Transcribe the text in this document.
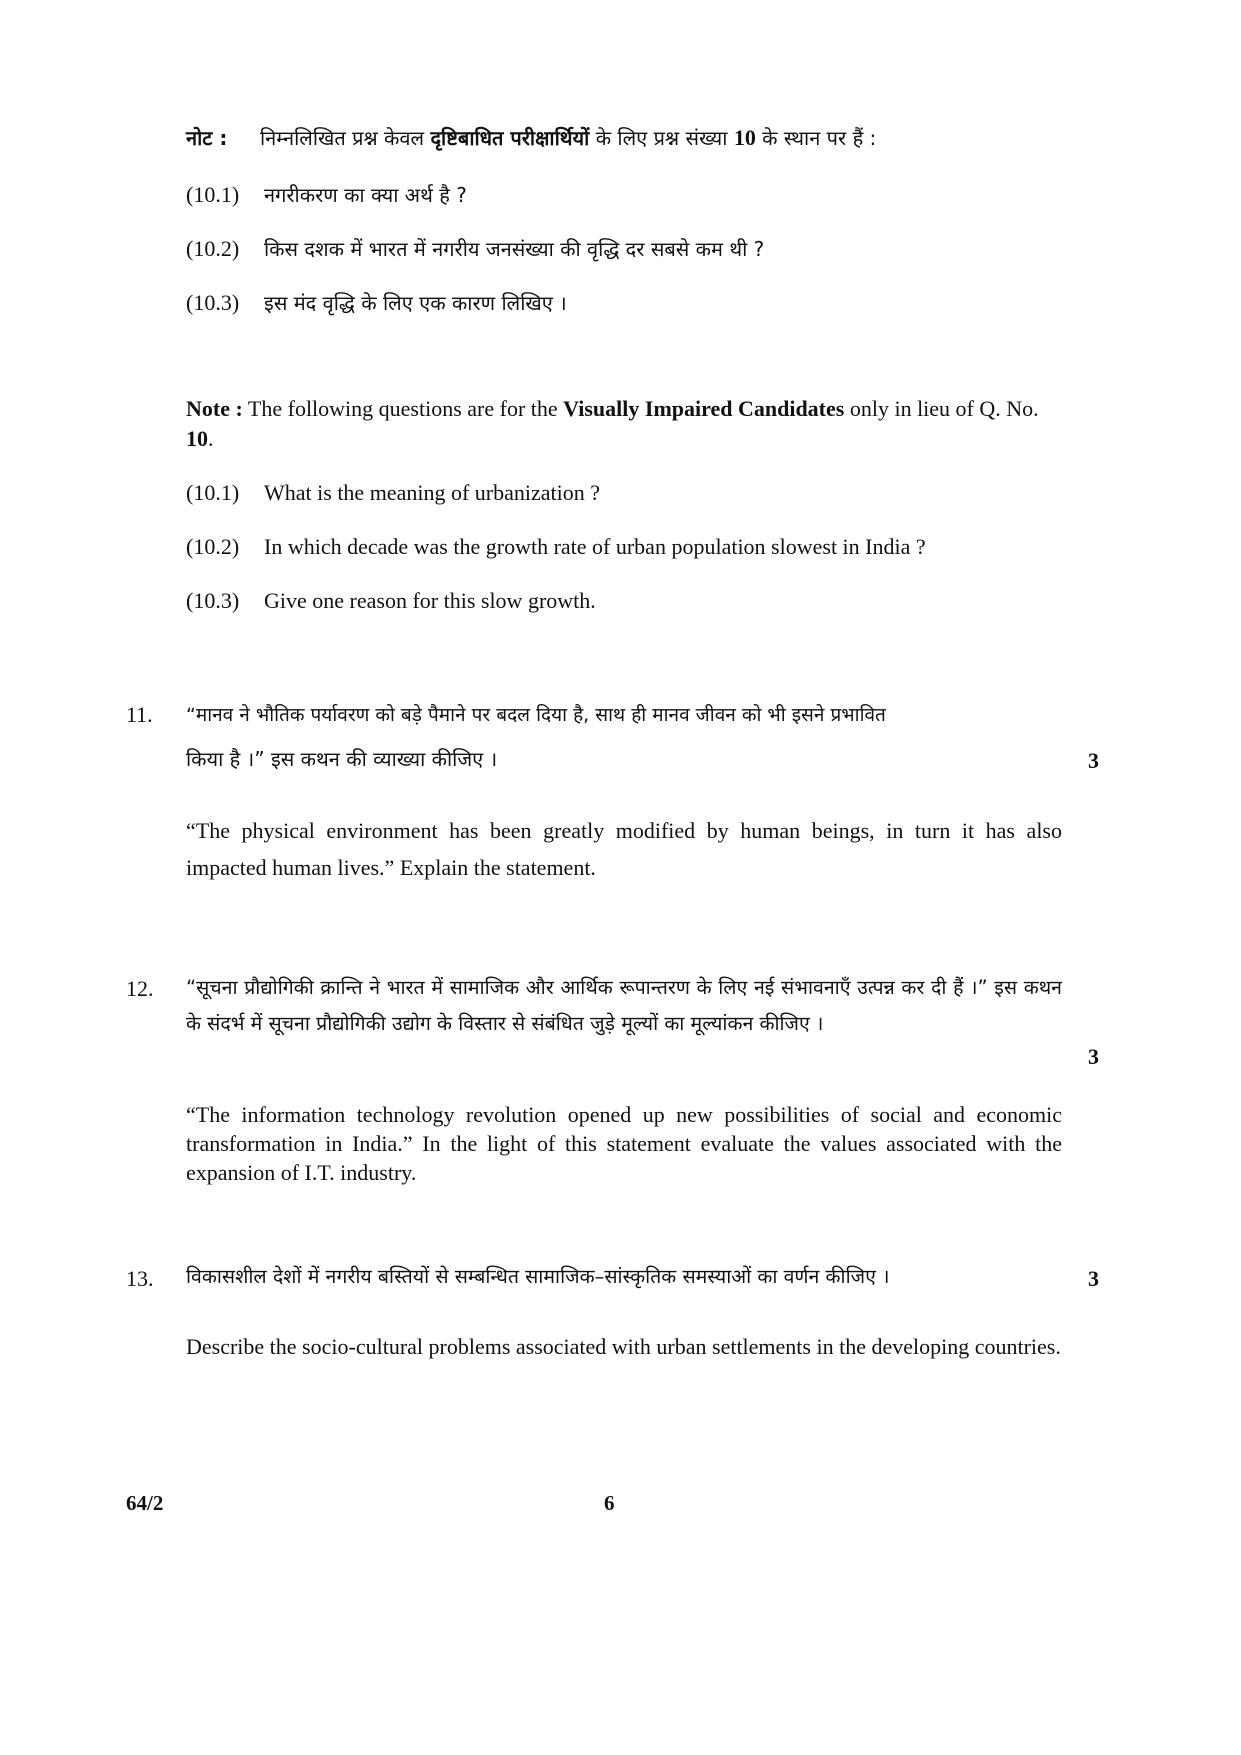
नोट : निम्नलिखित प्रश्न केवल दृष्टिबाधित परीक्षार्थियों के लिए प्रश्न संख्या 10 के स्थान पर हैं :
(10.1) नगरीकरण का क्या अर्थ है ?
(10.2) किस दशक में भारत में नगरीय जनसंख्या की वृद्धि दर सबसे कम थी ?
(10.3) इस मंद वृद्धि के लिए एक कारण लिखिए ।
Note : The following questions are for the Visually Impaired Candidates only in lieu of Q. No. 10.
(10.1) What is the meaning of urbanization ?
(10.2) In which decade was the growth rate of urban population slowest in India ?
(10.3) Give one reason for this slow growth.
11. “मानव ने भौतिक पर्यावरण को बड़े पैमाने पर बदल दिया है, साथ ही मानव जीवन को भी इसने प्रभावित
किया है ।” इस कथन की व्याख्या कीजिए ।	3
“The physical environment has been greatly modified by human beings, in turn it has also impacted human lives.” Explain the statement.
12. “सूचना प्रौद्योगिकी क्रान्ति ने भारत में सामाजिक और आर्थिक रूपान्तरण के लिए नई संभावनाएँ उत्पन्न कर दी हैं ।” इस कथन के संदर्भ में सूचना प्रौद्योगिकी उद्योग के विस्तार से संबंधित जुड़े मूल्यों का मूल्यांकन कीजिए ।
3
“The information technology revolution opened up new possibilities of social and economic transformation in India.” In the light of this statement evaluate the values associated with the expansion of I.T. industry.
13. विकासशील देशों में नगरीय बस्तियों से सम्बन्धित सामाजिक–सांस्कृतिक समस्याओं का वर्णन कीजिए ।	3
Describe the socio-cultural problems associated with urban settlements in the developing countries.
64/2	6
